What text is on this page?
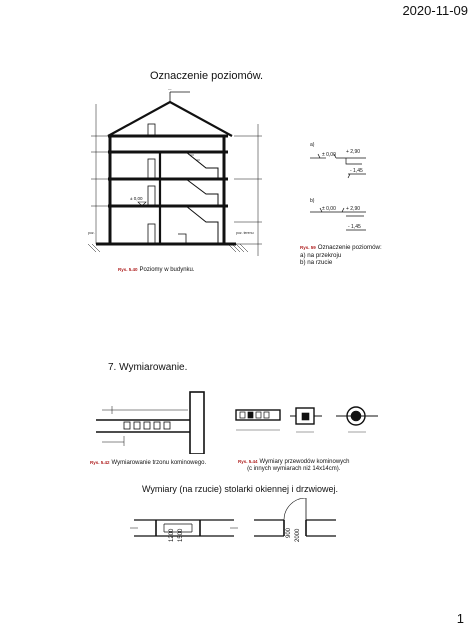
2020-11-09
Oznaczenie poziomów.
—
poz. terenu
poz.
± 0,00
Rys. 5.40 Poziomy w budynku.
a)
± 0,00 + 2,90
- 1,45
b)
± 0,00 + 2,90
- 1,45
Rys. 59 Oznaczenie poziomów:
a) na przekroju
b) na rzucie
7. Wymiarowanie.
Rys. 5.42 Wymiarowanie trzonu kominowego.	Rys. 5.44 Wymiary przewodów kominowych
(c innych wymiarach niż 14x14cm).
Wymiary (na rzucie) stolarki okiennej i drzwiowej.
1200 1500	900 2000
1
